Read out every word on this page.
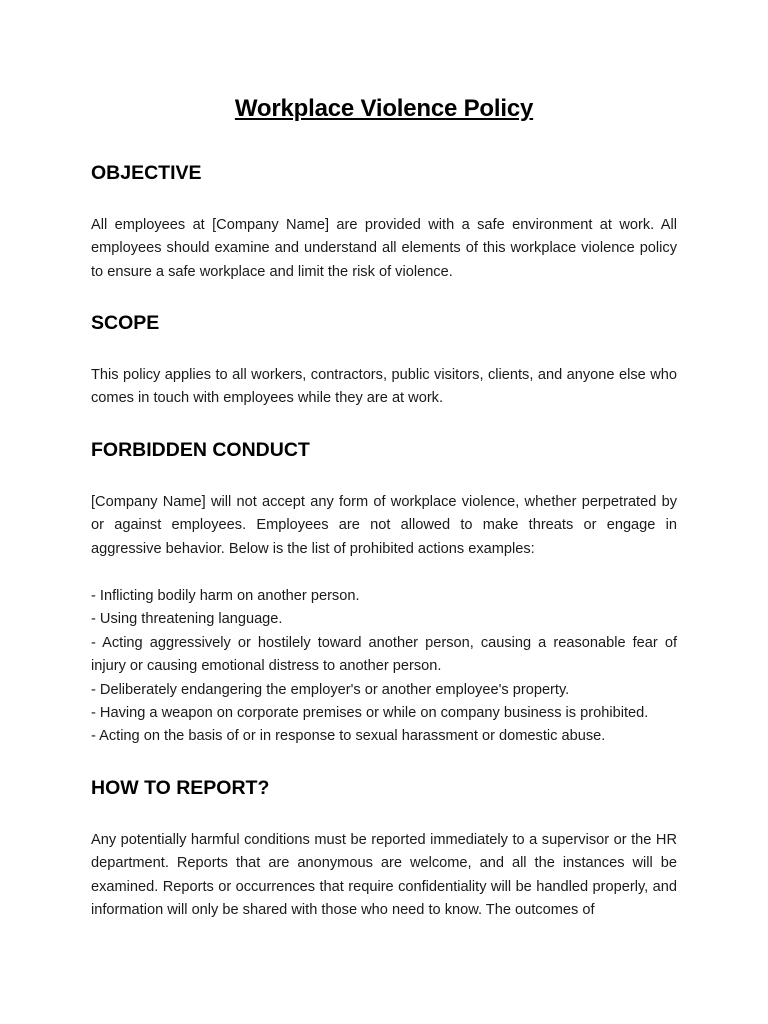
Workplace Violence Policy
OBJECTIVE

All employees at [Company Name] are provided with a safe environment at work. All employees should examine and understand all elements of this workplace violence policy to ensure a safe workplace and limit the risk of violence.

SCOPE

This policy applies to all workers, contractors, public visitors, clients, and anyone else who comes in touch with employees while they are at work.

FORBIDDEN CONDUCT

[Company Name] will not accept any form of workplace violence, whether perpetrated by or against employees. Employees are not allowed to make threats or engage in aggressive behavior. Below is the list of prohibited actions examples:

- Inflicting bodily harm on another person.
- Using threatening language.
- Acting aggressively or hostilely toward another person, causing a reasonable fear of injury or causing emotional distress to another person.
- Deliberately endangering the employer's or another employee's property.
- Having a weapon on corporate premises or while on company business is prohibited.
- Acting on the basis of or in response to sexual harassment or domestic abuse.
HOW TO REPORT?

Any potentially harmful conditions must be reported immediately to a supervisor or the HR department. Reports that are anonymous are welcome, and all the instances will be examined. Reports or occurrences that require confidentiality will be handled properly, and information will only be shared with those who need to know. The outcomes of
